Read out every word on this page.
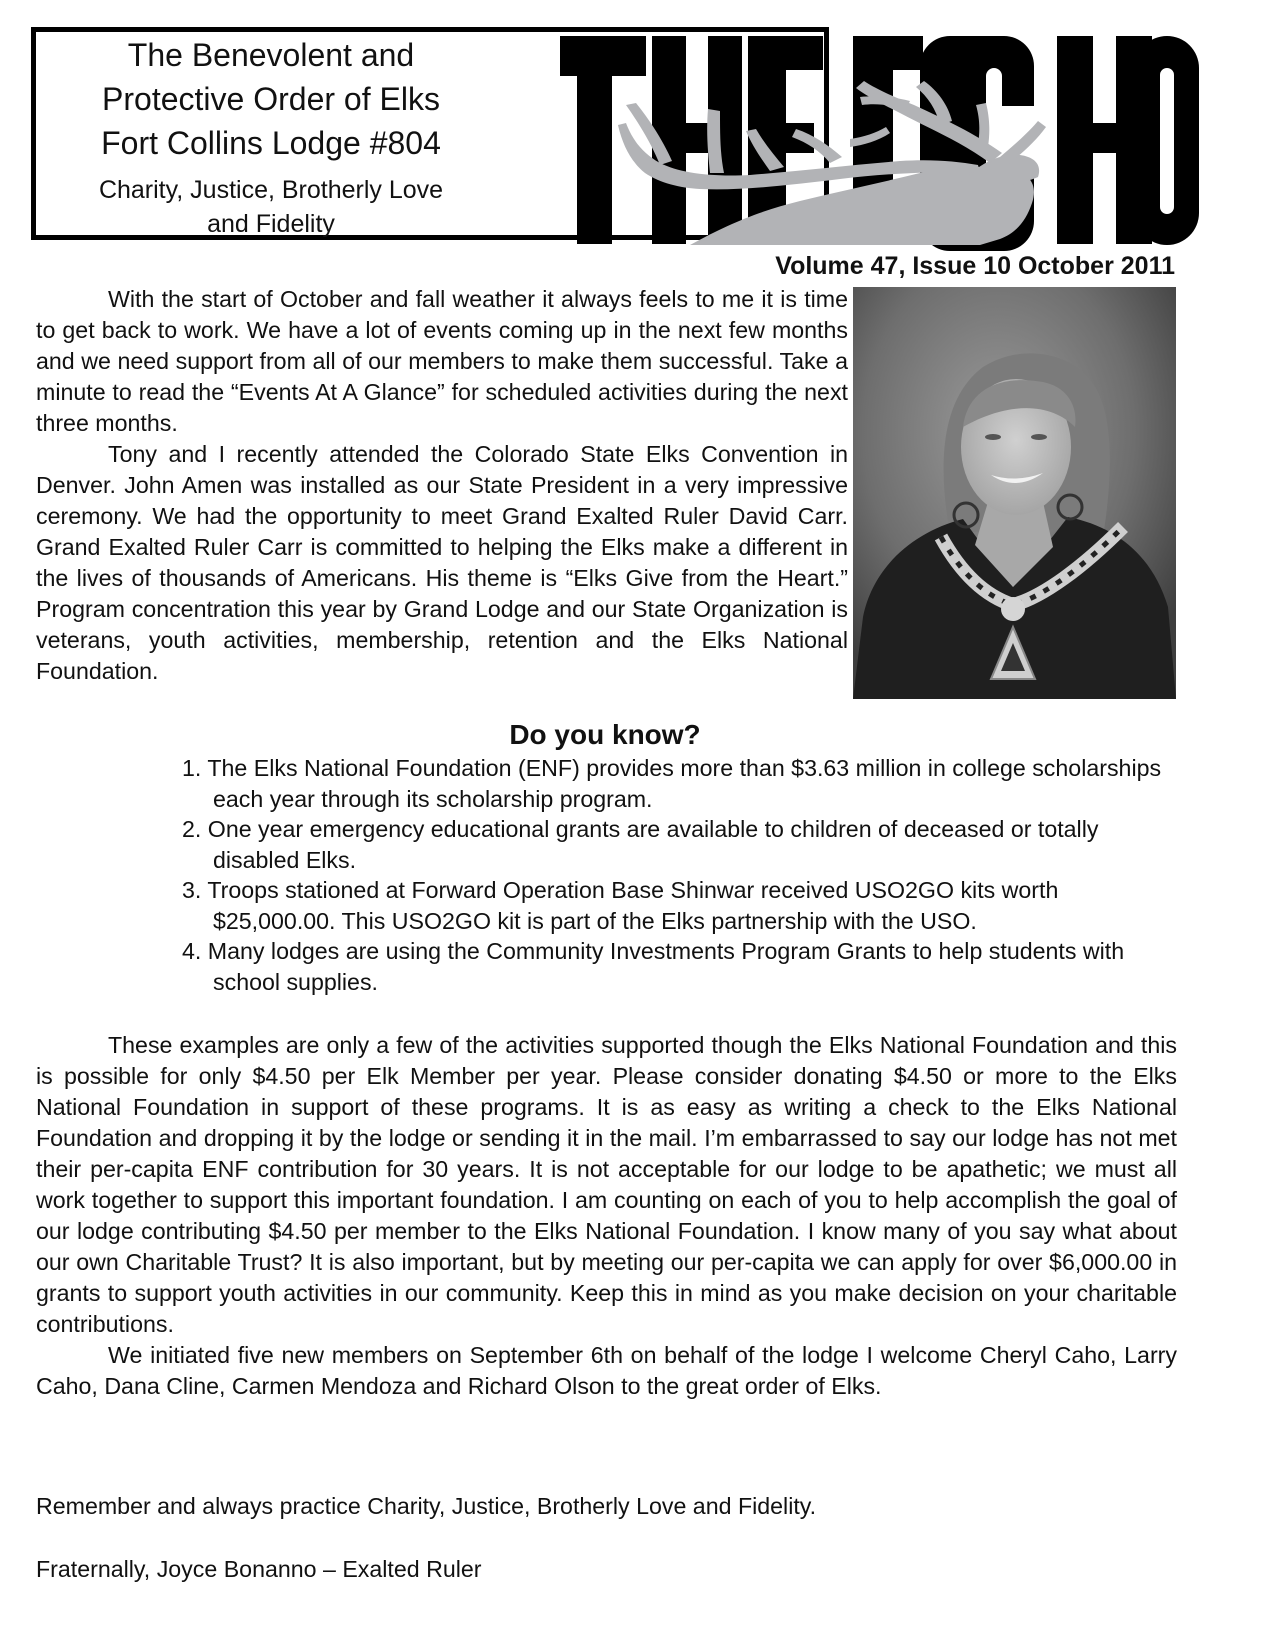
The Benevolent and
Protective Order of Elks
Fort Collins Lodge #804
Charity, Justice, Brotherly Love
and Fidelity
Volume 47, Issue 10 October 2011

With the start of October and fall weather it always feels to me it is time to get back to work. We have a lot of events coming up in the next few months and we need support from all of our members to make them successful. Take a minute to read the “Events At A Glance” for scheduled activities during the next three months.

Tony and I recently attended the Colorado State Elks Convention in Denver. John Amen was installed as our State President in a very impressive ceremony. We had the opportunity to meet Grand Exalted Ruler David Carr. Grand Exalted Ruler Carr is committed to helping the Elks make a different in the lives of thousands of Americans. His theme is “Elks Give from the Heart.” Program concentration this year by Grand Lodge and our State Organization is veterans, youth activities, membership, retention and the Elks National Foundation.

Do you know?
1. The Elks National Foundation (ENF) provides more than $3.63 million in college scholarships each year through its scholarship program.
2. One year emergency educational grants are available to children of deceased or totally disabled Elks.
3. Troops stationed at Forward Operation Base Shinwar received USO2GO kits worth $25,000.00. This USO2GO kit is part of the Elks partnership with the USO.
4. Many lodges are using the Community Investments Program Grants to help students with school supplies.

These examples are only a few of the activities supported though the Elks National Foundation and this is possible for only $4.50 per Elk Member per year. Please consider donating $4.50 or more to the Elks National Foundation in support of these programs. It is as easy as writing a check to the Elks National Foundation and dropping it by the lodge or sending it in the mail. I’m embarrassed to say our lodge has not met their per-capita ENF contribution for 30 years. It is not acceptable for our lodge to be apathetic; we must all work together to support this important foundation. I am counting on each of you to help accomplish the goal of our lodge contributing $4.50 per member to the Elks National Foundation. I know many of you say what about our own Charitable Trust? It is also important, but by meeting our per-capita we can apply for over $6,000.00 in grants to support youth activities in our community. Keep this in mind as you make decision on your charitable contributions.

We initiated five new members on September 6th on behalf of the lodge I welcome Cheryl Caho, Larry Caho, Dana Cline, Carmen Mendoza and Richard Olson to the great order of Elks.

Remember and always practice Charity, Justice, Brotherly Love and Fidelity.
Fraternally, Joyce Bonanno – Exalted Ruler
